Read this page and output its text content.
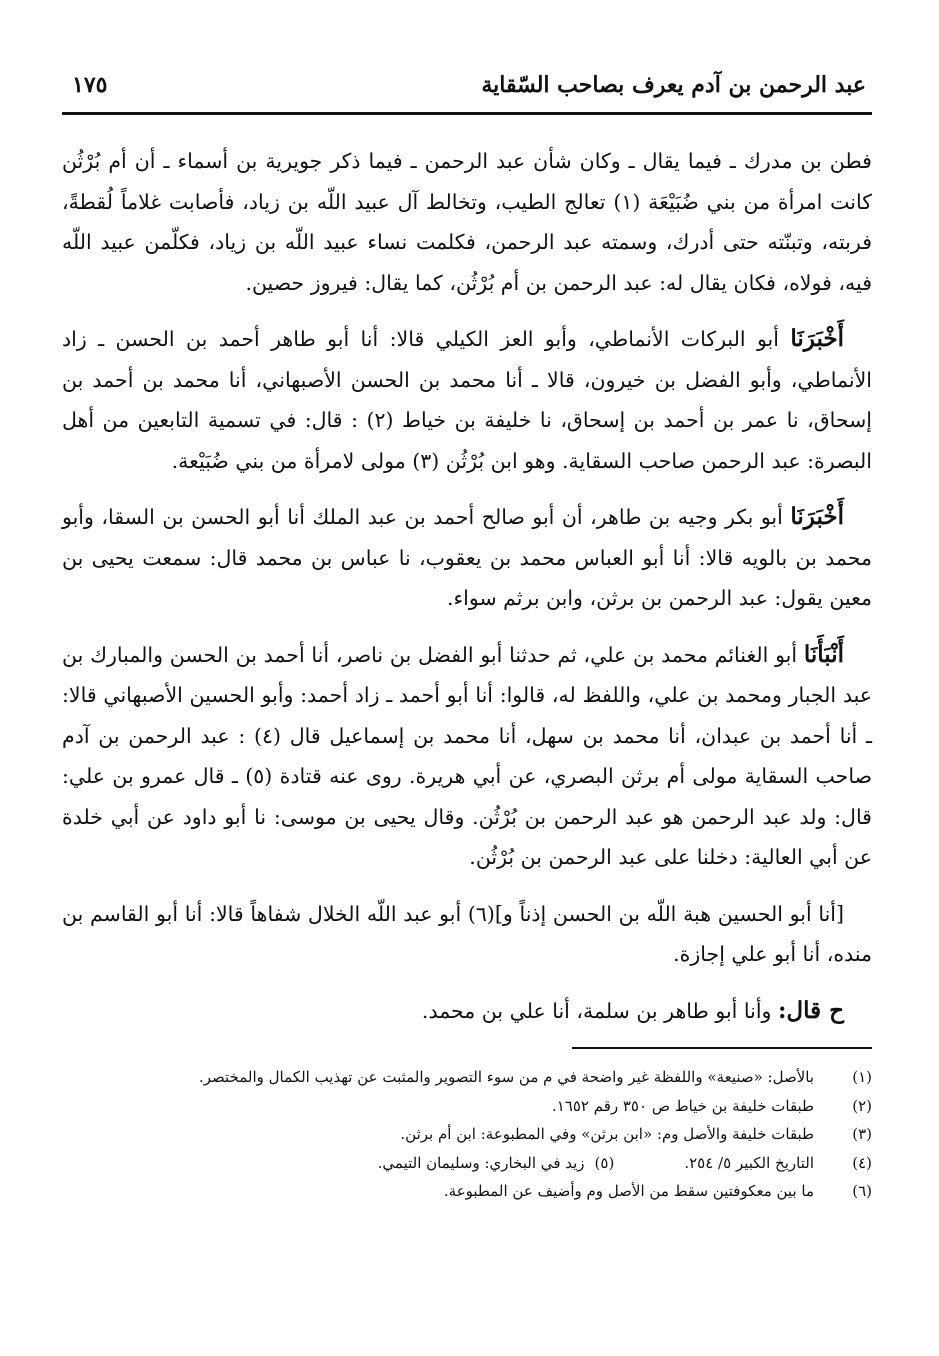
عبد الرحمن بن آدم يعرف بصاحب السّقاية
١٧٥

فطن بن مدرك ـ فيما يقال ـ وكان شأن عبد الرحمن ـ فيما ذكر جويرية بن أسماء ـ أن أم بُرْثُن كانت امرأة من بني ضُبَيْعَة (١) تعالج الطيب، وتخالط آل عبيد اللّه بن زياد، فأصابت غلاماً لُقطةً، فربته، وتبنّته حتى أدرك، وسمته عبد الرحمن، فكلمت نساء عبيد اللّه بن زياد، فكلّمن عبيد اللّه فيه، فولاه، فكان يقال له: عبد الرحمن بن أم بُرْثُن، كما يقال: فيروز حصين.

أَخْبَرَنَا أبو البركات الأنماطي، وأبو العز الكيلي قالا: أنا أبو طاهر أحمد بن الحسن ـ زاد الأنماطي، وأبو الفضل بن خيرون، قالا ـ أنا محمد بن الحسن الأصبهاني، أنا محمد بن أحمد بن إسحاق، نا عمر بن أحمد بن إسحاق، نا خليفة بن خياط (٢) : قال: في تسمية التابعين من أهل البصرة: عبد الرحمن صاحب السقاية. وهو ابن بُرْثُن (٣) مولى لامرأة من بني ضُبَيْعة.

أَخْبَرَنَا أبو بكر وجيه بن طاهر، أن أبو صالح أحمد بن عبد الملك أنا أبو الحسن بن السقا، وأبو محمد بن بالويه قالا: أنا أبو العباس محمد بن يعقوب، نا عباس بن محمد قال: سمعت يحيى بن معين يقول: عبد الرحمن بن برثن، وابن برثم سواء.

أَنْبَأَنَا أبو الغنائم محمد بن علي، ثم حدثنا أبو الفضل بن ناصر، أنا أحمد بن الحسن والمبارك بن عبد الجبار ومحمد بن علي، واللفظ له، قالوا: أنا أبو أحمد ـ زاد أحمد: وأبو الحسين الأصبهاني قالا: ـ أنا أحمد بن عبدان، أنا محمد بن سهل، أنا محمد بن إسماعيل قال (٤) : عبد الرحمن بن آدم صاحب السقاية مولى أم برثن البصري، عن أبي هريرة. روى عنه قتادة (٥) ـ قال عمرو بن علي: قال: ولد عبد الرحمن هو عبد الرحمن بن بُرْثُن. وقال يحيى بن موسى: نا أبو داود عن أبي خلدة عن أبي العالية: دخلنا على عبد الرحمن بن بُرْثُن.

[أنا أبو الحسين هبة اللّه بن الحسن إذناً و](٦) أبو عبد اللّه الخلال شفاهاً قالا: أنا أبو القاسم بن منده، أنا أبو علي إجازة.

ح قال: وأنا أبو طاهر بن سلمة، أنا علي بن محمد.

(١)
بالأصل: «صنيعة» واللفظة غير واضحة في م من سوء التصوير والمثبت عن تهذيب الكمال والمختصر.
(٢)
طبقات خليفة بن خياط ص ٣٥٠ رقم ١٦٥٢.
(٣)
طبقات خليفة والأصل وم: «ابن برثن» وفي المطبوعة: ابن أم برثن.
(٤)
التاريخ الكبير ٥/ ٢٥٤.
(٥)
زيد في البخاري: وسليمان التيمي.
(٦)
ما بين معكوفتين سقط من الأصل وم وأضيف عن المطبوعة.
